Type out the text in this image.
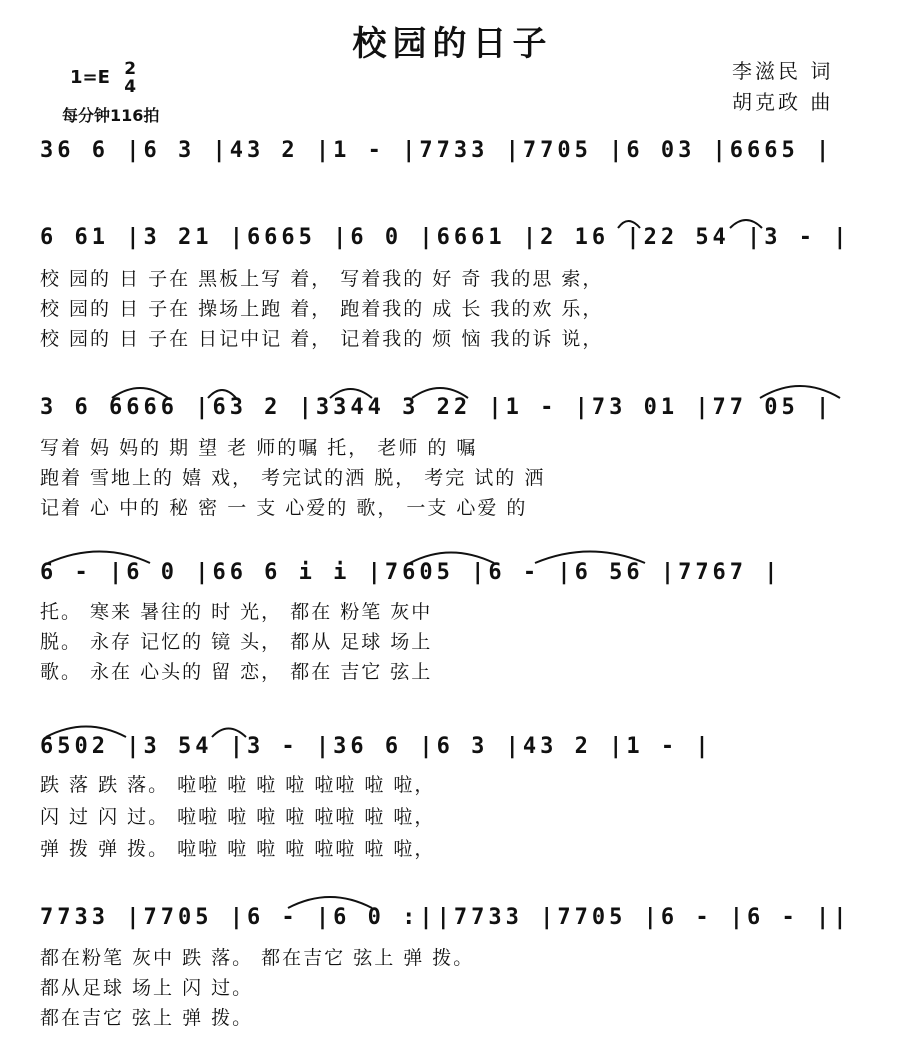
校园的日子
1=E 2
4
每分钟116拍
李滋民 词
胡克政 曲
36 6 |6 3 |43 2 |1 - |7733 |7705 |6 03 |6665 |
6 61 |3 21 |6665 |6 0 |6661 |2 16 |22 54 |3 - |
校 园的 日 子在 黑板上写 着， 写着我的 好 奇 我的思 索，
校 园的 日 子在 操场上跑 着， 跑着我的 成 长 我的欢 乐，
校 园的 日 子在 日记中记 着， 记着我的 烦 恼 我的诉 说，
3 6 6666 |63 2 |3344 3 22 |1 - |73 01 |77 05 |
写着 妈 妈的 期 望 老 师的嘱 托， 老师 的 嘱
跑着 雪地上的 嬉 戏， 考完试的洒 脱， 考完 试的 洒
记着 心 中的 秘 密 一 支 心爱的 歌， 一支 心爱 的
6 - |6 0 |66 6 i i |7605 |6 - |6 56 |7767 |
托。 寒来 暑往的 时 光， 都在 粉笔 灰中
脱。 永存 记忆的 镜 头， 都从 足球 场上
歌。 永在 心头的 留 恋， 都在 吉它 弦上
6502 |3 54 |3 - |36 6 |6 3 |43 2 |1 - |
跌 落 跌 落。 啦啦 啦 啦 啦 啦啦 啦 啦，
闪 过 闪 过。 啦啦 啦 啦 啦 啦啦 啦 啦，
弹 拨 弹 拨。 啦啦 啦 啦 啦 啦啦 啦 啦，
7733 |7705 |6 - |6 0 :||7733 |7705 |6 - |6 - ||
都在粉笔 灰中 跌 落。 都在吉它 弦上 弹 拨。
都从足球 场上 闪 过。
都在吉它 弦上 弹 拨。
